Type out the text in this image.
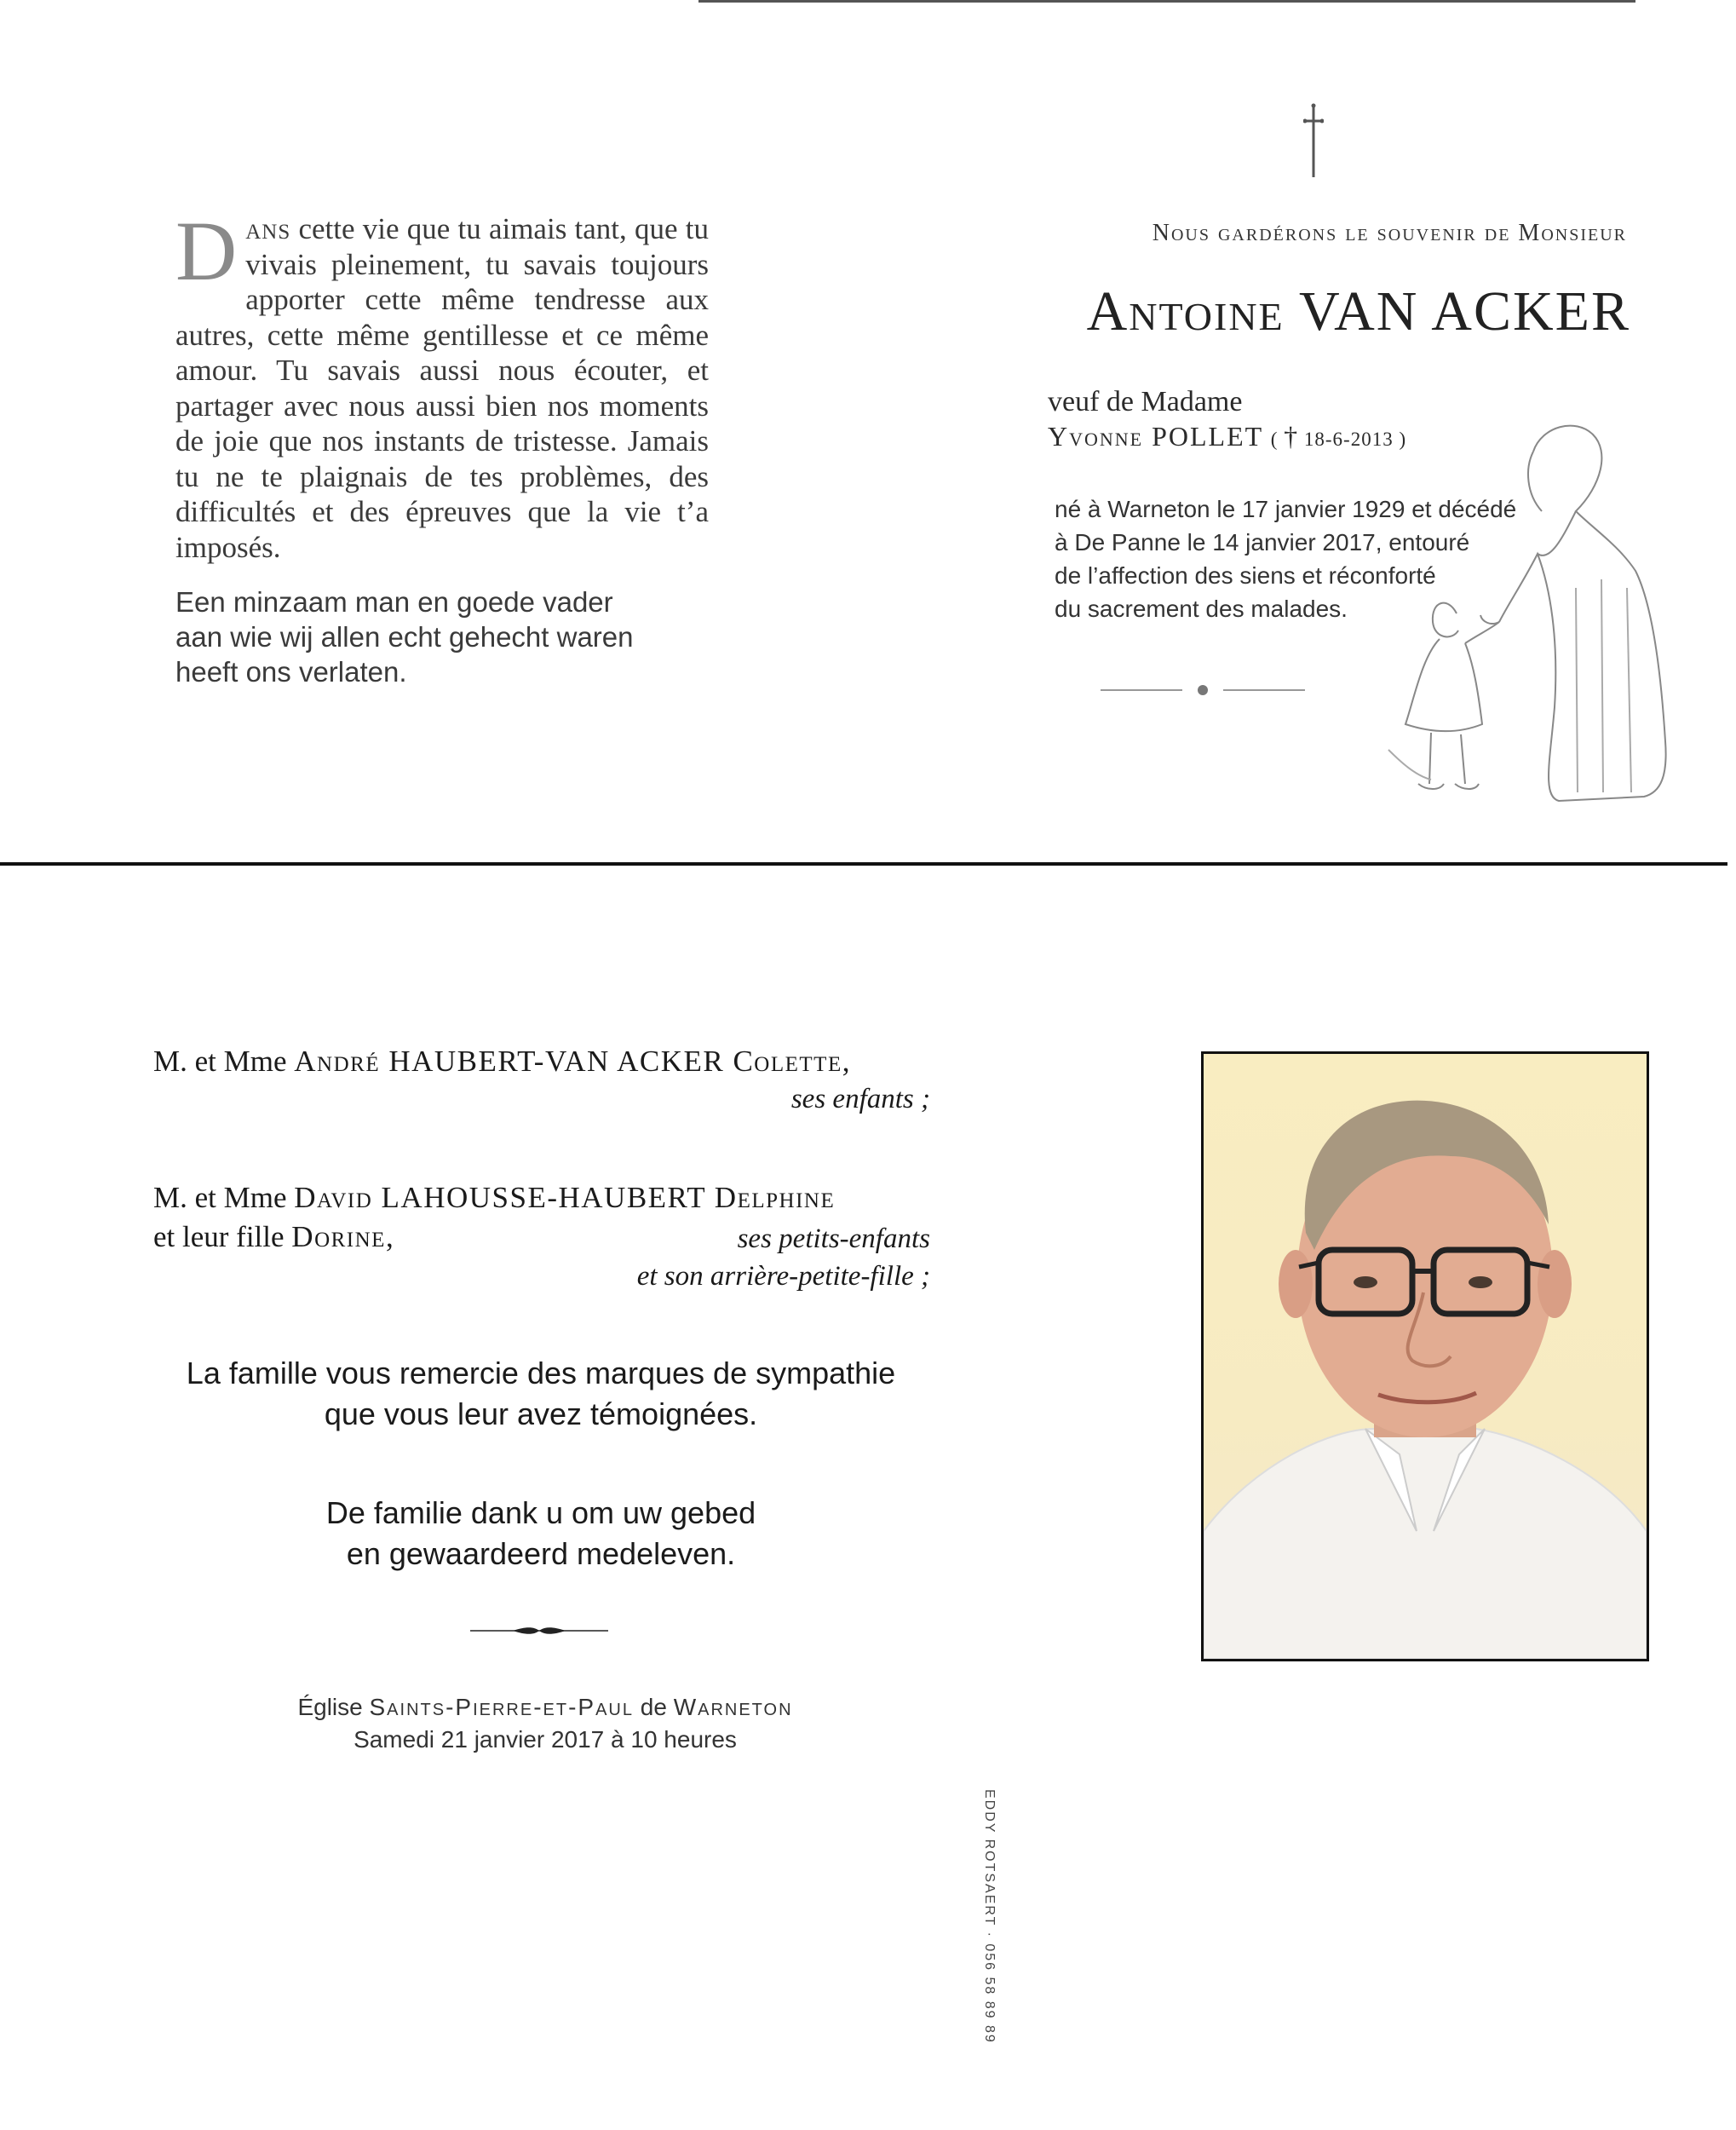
Dans cette vie que tu aimais tant, que tu vivais pleinement, tu savais toujours apporter cette même tendresse aux autres, cette même gentillesse et ce même amour. Tu savais aussi nous écouter, et partager avec nous aussi bien nos moments de joie que nos instants de tristesse. Jamais tu ne te plaignais de tes problèmes, des difficultés et des épreuves que la vie t’a imposés.
Een minzaam man en goede vader
aan wie wij allen echt gehecht waren
heeft ons verlaten.
Nous gardérons le souvenir de Monsieur
Antoine VAN ACKER
veuf de Madame
Yvonne POLLET ( † 18-6-2013 )
né à Warneton le 17 janvier 1929 et décédé
à De Panne le 14 janvier 2017, entouré
de l’affection des siens et réconforté
du sacrement des malades.
M. et Mme André HAUBERT-VAN ACKER Colette,
ses enfants ;
M. et Mme David LAHOUSSE-HAUBERT Delphine
et leur fille Dorine,	ses petits-enfants
et son arrière-petite-fille ;
La famille vous remercie des marques de sympathie
que vous leur avez témoignées.
De familie dank u om uw gebed
en gewaardeerd medeleven.
Église Saints-Pierre-et-Paul de Warneton
Samedi 21 janvier 2017 à 10 heures
EDDY ROTSAERT · 056 58 89 89
